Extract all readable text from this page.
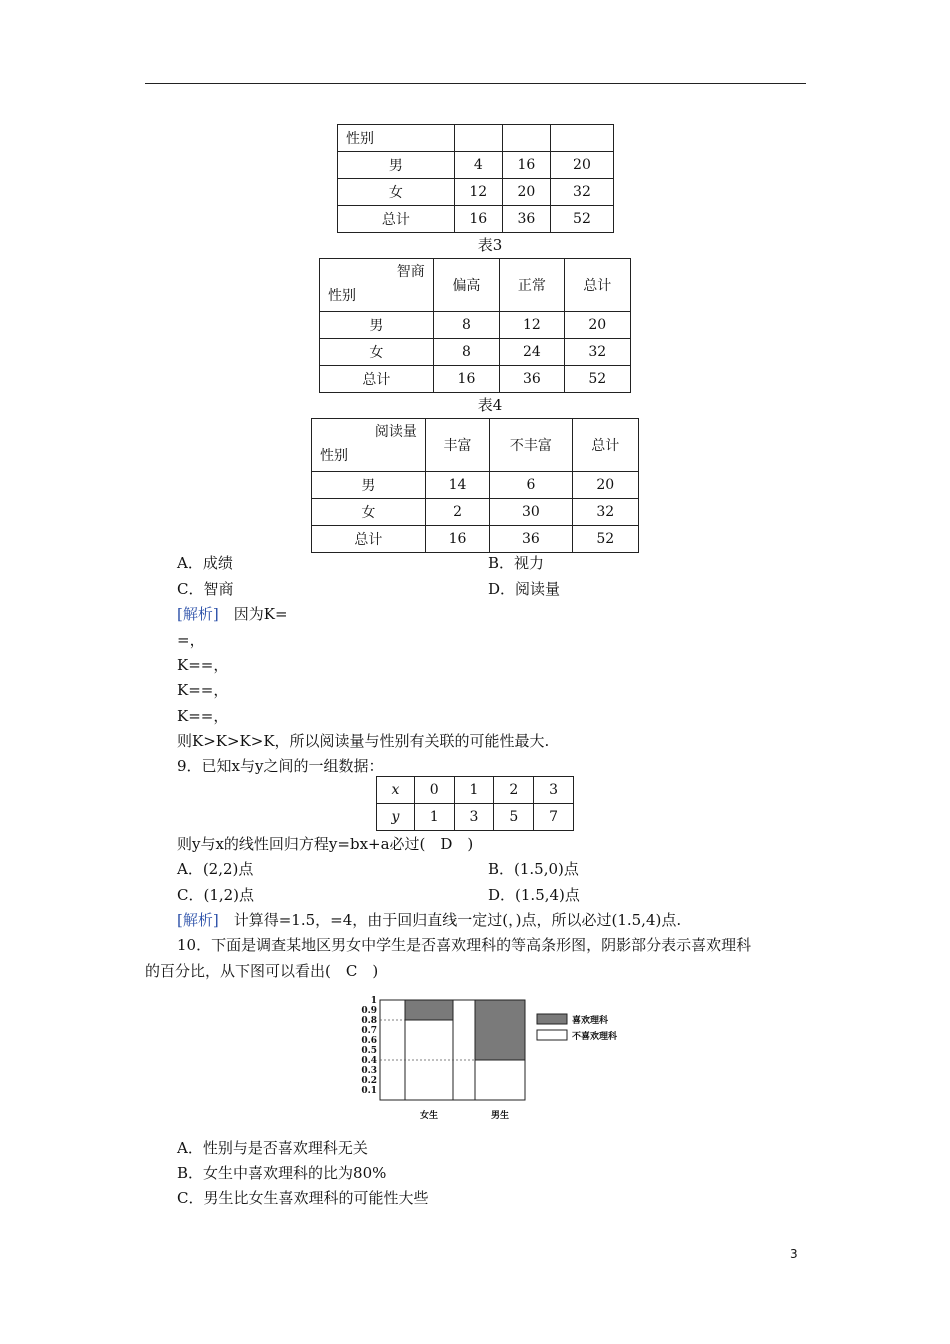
性别			
男	4	16	20
女	12	20	32
总计	16	36	52
表3
智商
性别	偏高	正常	总计
男	8	12	20
女	8	24	32
总计	16	36	52
表4
阅读量
性别	丰富	不丰富	总计
男	14	6	20
女	2	30	32
总计	16	36	52
A．成绩	B．视力
C．智商	D．阅读量
[解析]　 因为K=
=，
K==，
K==，
K==，
则K>K>K>K，所以阅读量与性别有关联的可能性最大.
9．已知x与y之间的一组数据：
x	0	1	2	3
y	1	3	5	7
则y与x的线性回归方程y=bx+a必过(　D　)
A．(2,2)点	B．(1.5,0)点
C．(1,2)点	D．(1.5,4)点
[解析]　 计算得=1.5，=4，由于回归直线一定过(，)点，所以必过(1.5,4)点.
10．下面是调查某地区男女中学生是否喜欢理科的等高条形图，阴影部分表示喜欢理科
的百分比，从下图可以看出(　C　)
1
0.9
0.8
0.7
0.6
0.5
0.4
0.3
0.2
0.1
女生	男生
喜欢理科
不喜欢理科
A．性别与是否喜欢理科无关
B．女生中喜欢理科的比为80%
C．男生比女生喜欢理科的可能性大些
3
